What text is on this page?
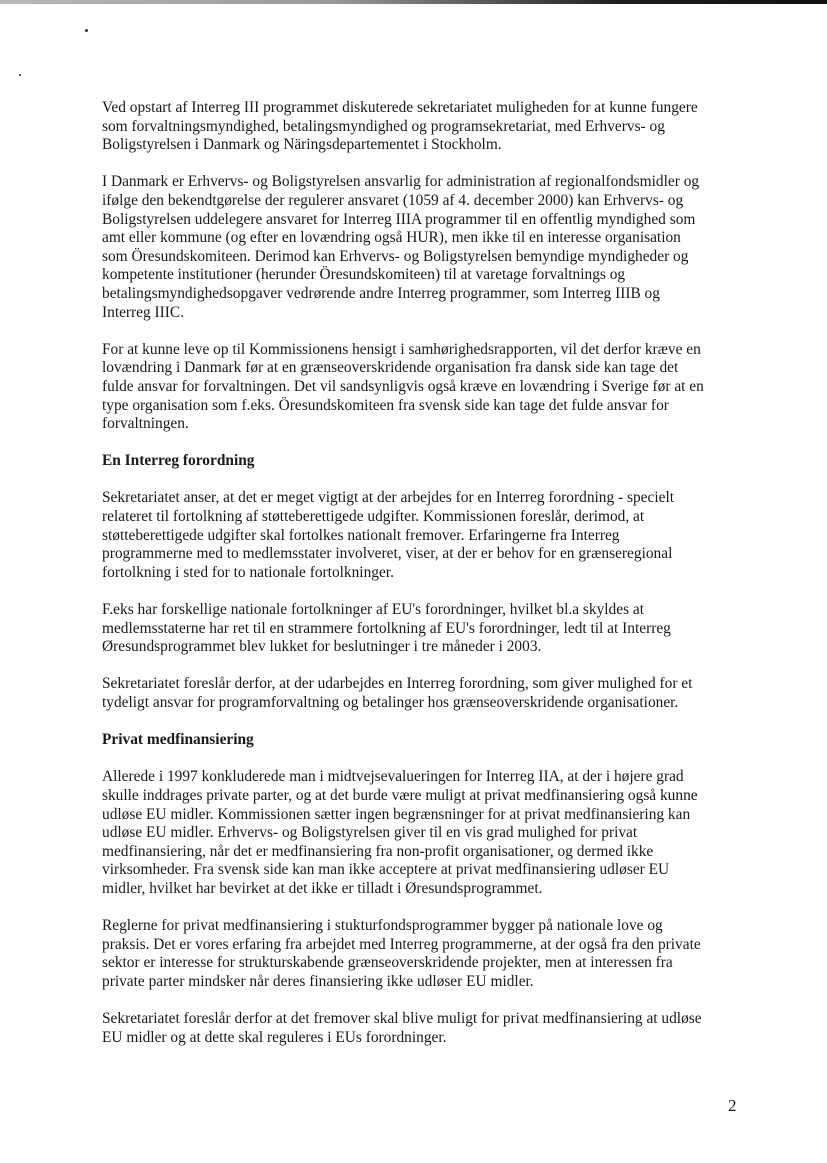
Ved opstart af Interreg III programmet diskuterede sekretariatet muligheden for at kunne fungere
som forvaltningsmyndighed, betalingsmyndighed og programsekretariat, med Erhvervs- og
Boligstyrelsen i Danmark og Näringsdepartementet i Stockholm.

I Danmark er Erhvervs- og Boligstyrelsen ansvarlig for administration af regionalfondsmidler og
ifølge den bekendtgørelse der regulerer ansvaret (1059 af 4. december 2000) kan Erhvervs- og
Boligstyrelsen uddelegere ansvaret for Interreg IIIA programmer til en offentlig myndighed som
amt eller kommune (og efter en lovændring også HUR), men ikke til en interesse organisation
som Öresundskomiteen. Derimod kan Erhvervs- og Boligstyrelsen bemyndige myndigheder og
kompetente institutioner (herunder Öresundskomiteen) til at varetage forvaltnings og
betalingsmyndighedsopgaver vedrørende andre Interreg programmer, som Interreg IIIB og
Interreg IIIC.

For at kunne leve op til Kommissionens hensigt i samhørighedsrapporten, vil det derfor kræve en
lovændring i Danmark før at en grænseoverskridende organisation fra dansk side kan tage det
fulde ansvar for forvaltningen. Det vil sandsynligvis også kræve en lovændring i Sverige før at en
type organisation som f.eks. Öresundskomiteen fra svensk side kan tage det fulde ansvar for
forvaltningen.

En Interreg forordning

Sekretariatet anser, at det er meget vigtigt at der arbejdes for en Interreg forordning - specielt
relateret til fortolkning af støtteberettigede udgifter. Kommissionen foreslår, derimod, at
støtteberettigede udgifter skal fortolkes nationalt fremover. Erfaringerne fra Interreg
programmerne med to medlemsstater involveret, viser, at der er behov for en grænseregional
fortolkning i sted for to nationale fortolkninger.

F.eks har forskellige nationale fortolkninger af EU's forordninger, hvilket bl.a skyldes at
medlemsstaterne har ret til en strammere fortolkning af EU's forordninger, ledt til at Interreg
Øresundsprogrammet blev lukket for beslutninger i tre måneder i 2003.

Sekretariatet foreslår derfor, at der udarbejdes en Interreg forordning, som giver mulighed for et
tydeligt ansvar for programforvaltning og betalinger hos grænseoverskridende organisationer.

Privat medfinansiering

Allerede i 1997 konkluderede man i midtvejsevalueringen for Interreg IIA, at der i højere grad
skulle inddrages private parter, og at det burde være muligt at privat medfinansiering også kunne
udløse EU midler. Kommissionen sætter ingen begrænsninger for at privat medfinansiering kan
udløse EU midler. Erhvervs- og Boligstyrelsen giver til en vis grad mulighed for privat
medfinansiering, når det er medfinansiering fra non-profit organisationer, og dermed ikke
virksomheder. Fra svensk side kan man ikke acceptere at privat medfinansiering udløser EU
midler, hvilket har bevirket at det ikke er tilladt i Øresundsprogrammet.

Reglerne for privat medfinansiering i stukturfondsprogrammer bygger på nationale love og
praksis. Det er vores erfaring fra arbejdet med Interreg programmerne, at der også fra den private
sektor er interesse for strukturskabende grænseoverskridende projekter, men at interessen fra
private parter mindsker når deres finansiering ikke udløser EU midler.

Sekretariatet foreslår derfor at det fremover skal blive muligt for privat medfinansiering at udløse
EU midler og at dette skal reguleres i EUs forordninger.

2
